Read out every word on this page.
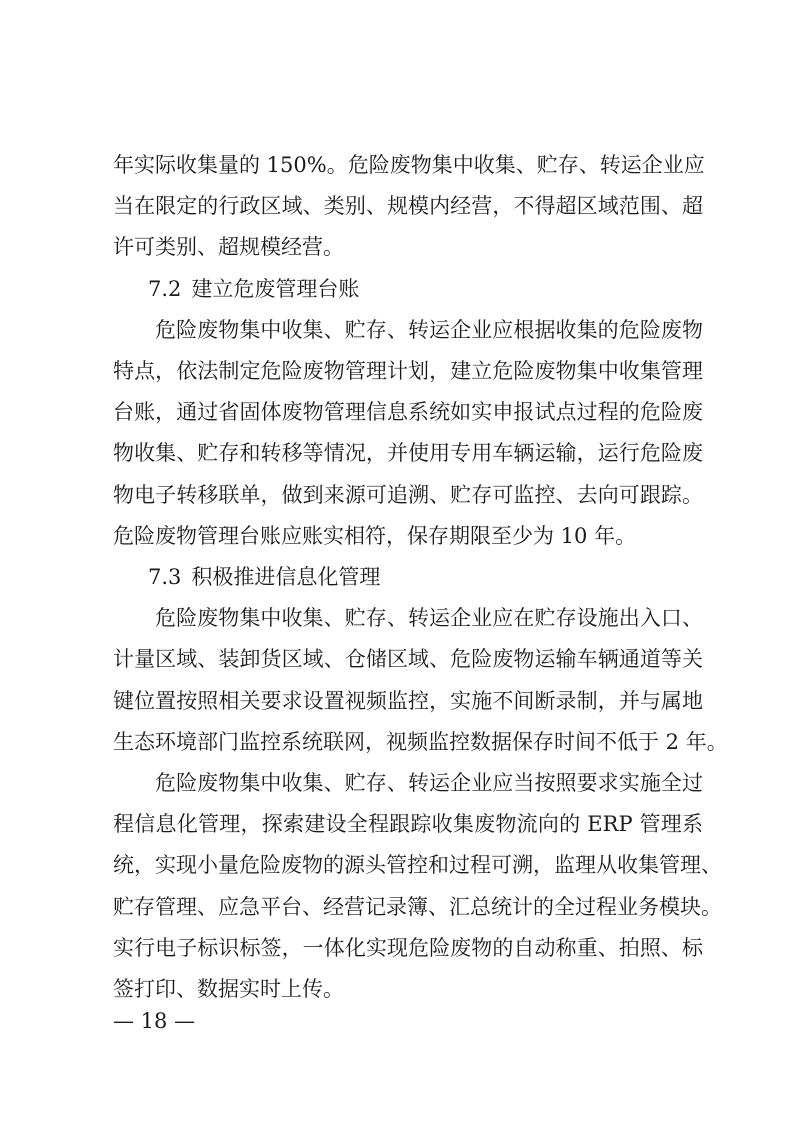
年实际收集量的 150%。危险废物集中收集、贮存、转运企业应
当在限定的行政区域、类别、规模内经营，不得超区域范围、超
许可类别、超规模经营。
7.2 建立危废管理台账
危险废物集中收集、贮存、转运企业应根据收集的危险废物
特点，依法制定危险废物管理计划，建立危险废物集中收集管理
台账，通过省固体废物管理信息系统如实申报试点过程的危险废
物收集、贮存和转移等情况，并使用专用车辆运输，运行危险废
物电子转移联单，做到来源可追溯、贮存可监控、去向可跟踪。
危险废物管理台账应账实相符，保存期限至少为 10 年。
7.3 积极推进信息化管理
危险废物集中收集、贮存、转运企业应在贮存设施出入口、
计量区域、装卸货区域、仓储区域、危险废物运输车辆通道等关
键位置按照相关要求设置视频监控，实施不间断录制，并与属地
生态环境部门监控系统联网，视频监控数据保存时间不低于 2 年。
危险废物集中收集、贮存、转运企业应当按照要求实施全过
程信息化管理，探索建设全程跟踪收集废物流向的 ERP 管理系
统，实现小量危险废物的源头管控和过程可溯，监理从收集管理、
贮存管理、应急平台、经营记录簿、汇总统计的全过程业务模块。
实行电子标识标签，一体化实现危险废物的自动称重、拍照、标
签打印、数据实时上传。
— 18 —
